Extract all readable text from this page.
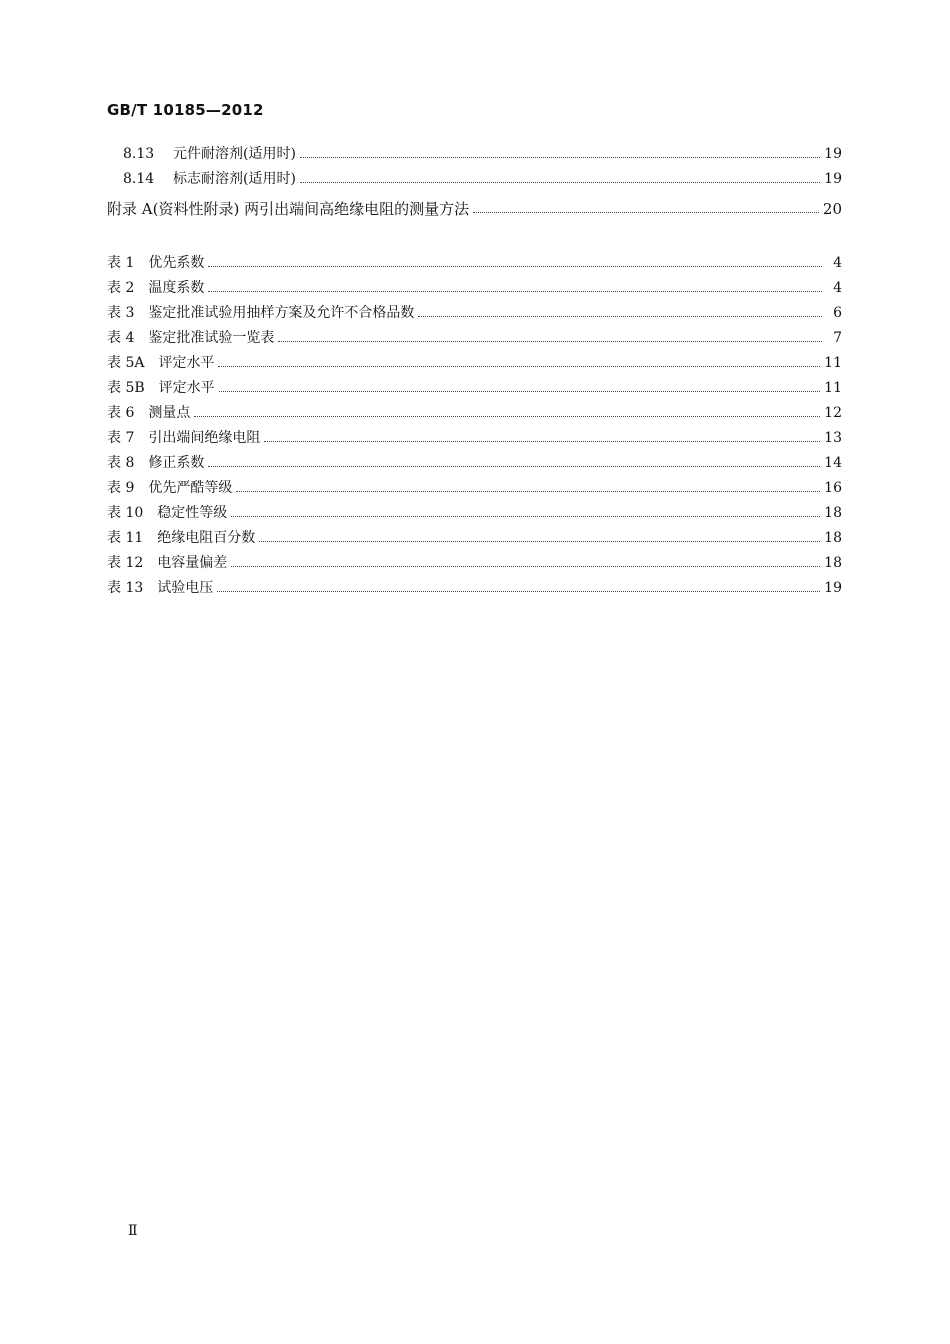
GB/T 10185—2012
8.13	元件耐溶剂(适用时)	19
8.14	标志耐溶剂(适用时)	19
附录 A (资料性附录) 两引出端间高绝缘电阻的测量方法	20
表 1 优先系数	4
表 2 温度系数	4
表 3 鉴定批准试验用抽样方案及允许不合格品数	6
表 4 鉴定批准试验一览表	7
表 5A 评定水平	11
表 5B 评定水平	11
表 6 测量点	12
表 7 引出端间绝缘电阻	13
表 8 修正系数	14
表 9 优先严酷等级	16
表 10 稳定性等级	18
表 11 绝缘电阻百分数	18
表 12 电容量偏差	18
表 13 试验电压	19
Ⅱ
